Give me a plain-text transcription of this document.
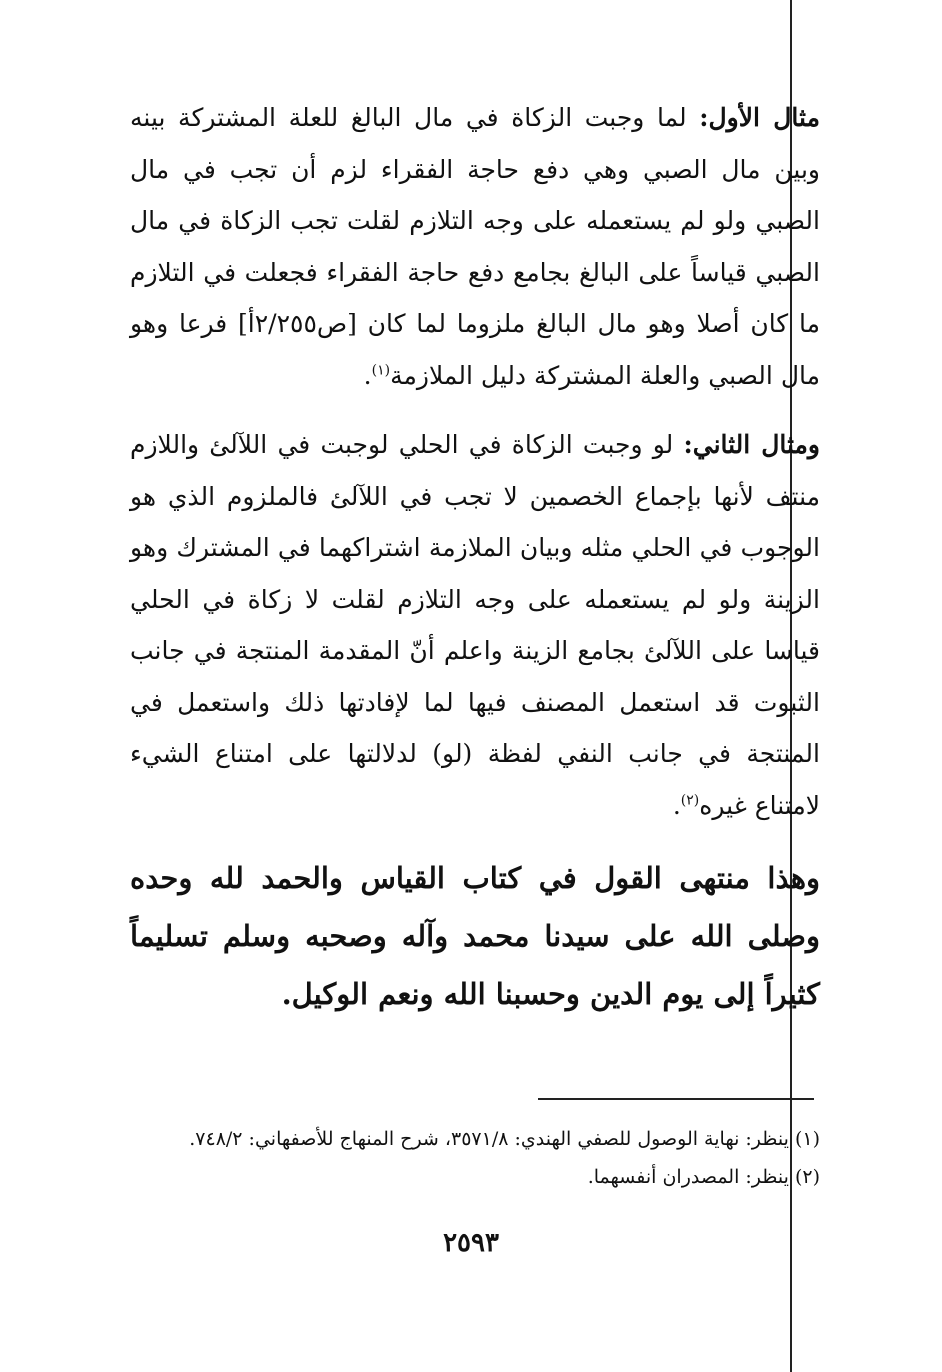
مثال الأول: لما وجبت الزكاة في مال البالغ للعلة المشتركة بينه وبين مال الصبي وهي دفع حاجة الفقراء لزم أن تجب في مال الصبي ولو لم يستعمله على وجه التلازم لقلت تجب الزكاة في مال الصبي قياساً على البالغ بجامع دفع حاجة الفقراء فجعلت في التلازم ما كان أصلا وهو مال البالغ ملزوما لما كان [ص٢/٢٥٥أ] فرعا وهو مال الصبي والعلة المشتركة دليل الملازمة$^{(١)}$.

ومثال الثاني: لو وجبت الزكاة في الحلي لوجبت في اللآلئ واللازم منتف لأنها بإجماع الخصمين لا تجب في اللآلئ فالملزوم الذي هو الوجوب في الحلي مثله وبيان الملازمة اشتراكهما في المشترك وهو الزينة ولو لم يستعمله على وجه التلازم لقلت لا زكاة في الحلي قياسا على اللآلئ بجامع الزينة واعلم أنّ المقدمة المنتجة في جانب الثبوت قد استعمل المصنف فيها لما لإفادتها ذلك واستعمل في المنتجة في جانب النفي لفظة (لو) لدلالتها على امتناع الشيء لامتناع غيره$^{(٢)}$.

وهذا منتهى القول في كتاب القياس والحمد لله وحده وصلى الله على سيدنا محمد وآله وصحبه وسلم تسليماً كثيراً إلى يوم الدين وحسبنا الله ونعم الوكيل.

(١) ينظر: نهاية الوصول للصفي الهندي: ٣٥٧١/٨، شرح المنهاج للأصفهاني: ٧٤٨/٢.

(٢) ينظر: المصدران أنفسهما.

٢٥٩٣
